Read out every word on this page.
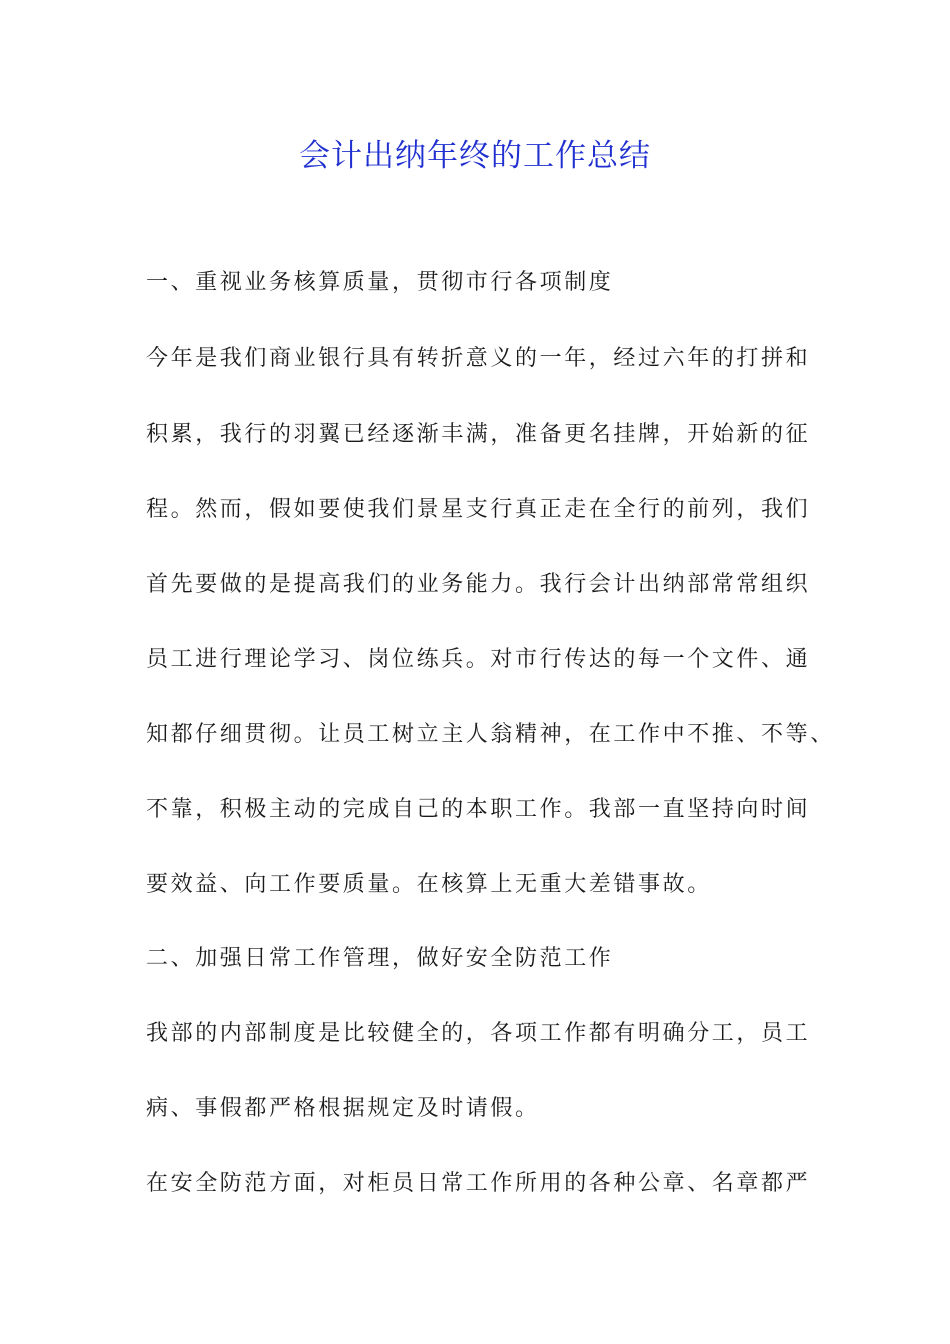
会计出纳年终的工作总结
一、重视业务核算质量，贯彻市行各项制度
今年是我们商业银行具有转折意义的一年，经过六年的打拼和
积累，我行的羽翼已经逐渐丰满，准备更名挂牌，开始新的征
程。然而，假如要使我们景星支行真正走在全行的前列，我们
首先要做的是提高我们的业务能力。我行会计出纳部常常组织
员工进行理论学习、岗位练兵。对市行传达的每一个文件、通
知都仔细贯彻。让员工树立主人翁精神，在工作中不推、不等、
不靠，积极主动的完成自己的本职工作。我部一直坚持向时间
要效益、向工作要质量。在核算上无重大差错事故。
二、加强日常工作管理，做好安全防范工作
我部的内部制度是比较健全的，各项工作都有明确分工，员工
病、事假都严格根据规定及时请假。
在安全防范方面，对柜员日常工作所用的各种公章、名章都严
